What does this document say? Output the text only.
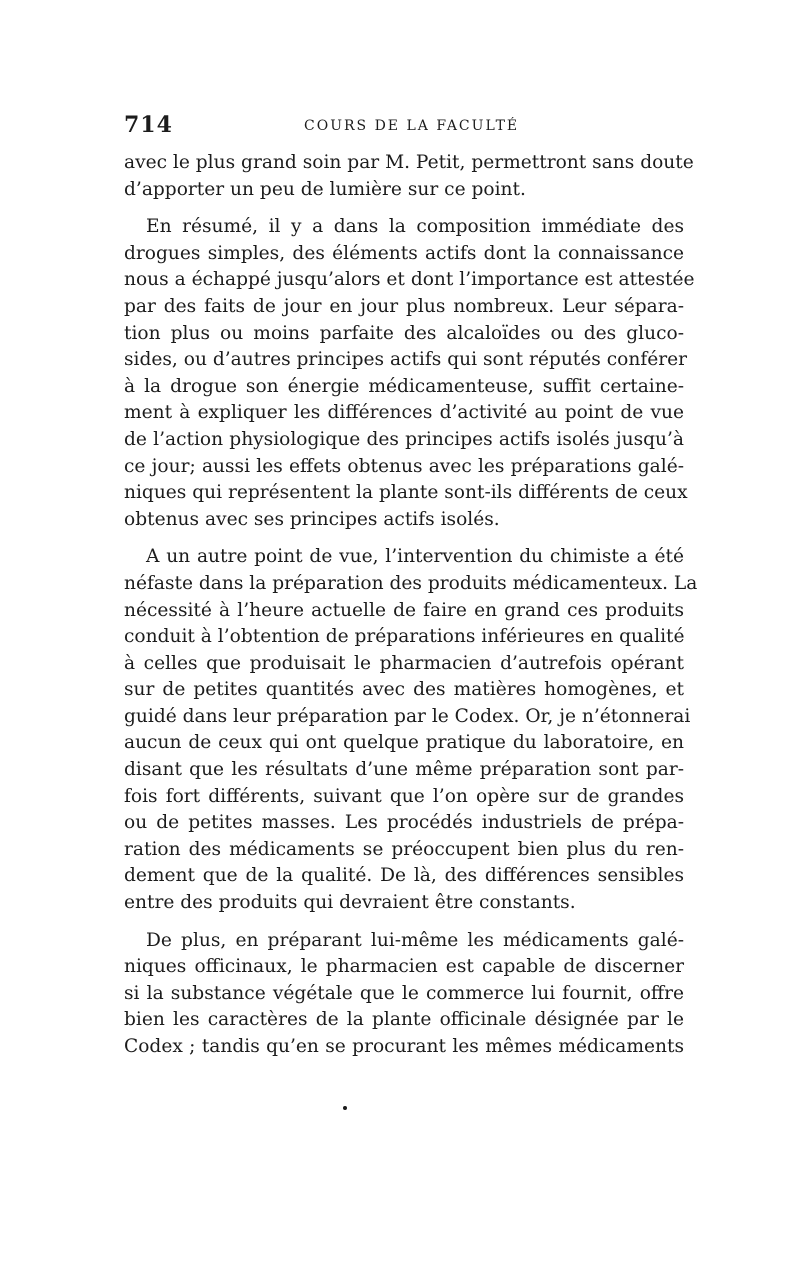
714	COURS DE LA FACULTÉ
avec le plus grand soin par M. Petit, permettront sans doute
d’apporter un peu de lumière sur ce point.
En résumé, il y a dans la composition immédiate des
drogues simples, des éléments actifs dont la connaissance
nous a échappé jusqu’alors et dont l’importance est attestée
par des faits de jour en jour plus nombreux. Leur sépara-
tion plus ou moins parfaite des alcaloïdes ou des gluco-
sides, ou d’autres principes actifs qui sont réputés conférer
à la drogue son énergie médicamenteuse, suffit certaine-
ment à expliquer les différences d’activité au point de vue
de l’action physiologique des principes actifs isolés jusqu’à
ce jour; aussi les effets obtenus avec les préparations galé-
niques qui représentent la plante sont-ils différents de ceux
obtenus avec ses principes actifs isolés.
A un autre point de vue, l’intervention du chimiste a été
néfaste dans la préparation des produits médicamenteux. La
nécessité à l’heure actuelle de faire en grand ces produits
conduit à l’obtention de préparations inférieures en qualité
à celles que produisait le pharmacien d’autrefois opérant
sur de petites quantités avec des matières homogènes, et
guidé dans leur préparation par le Codex. Or, je n’étonnerai
aucun de ceux qui ont quelque pratique du laboratoire, en
disant que les résultats d’une même préparation sont par-
fois fort différents, suivant que l’on opère sur de grandes
ou de petites masses. Les procédés industriels de prépa-
ration des médicaments se préoccupent bien plus du ren-
dement que de la qualité. De là, des différences sensibles
entre des produits qui devraient être constants.
De plus, en préparant lui-même les médicaments galé-
niques officinaux, le pharmacien est capable de discerner
si la substance végétale que le commerce lui fournit, offre
bien les caractères de la plante officinale désignée par le
Codex ; tandis qu’en se procurant les mêmes médicaments
